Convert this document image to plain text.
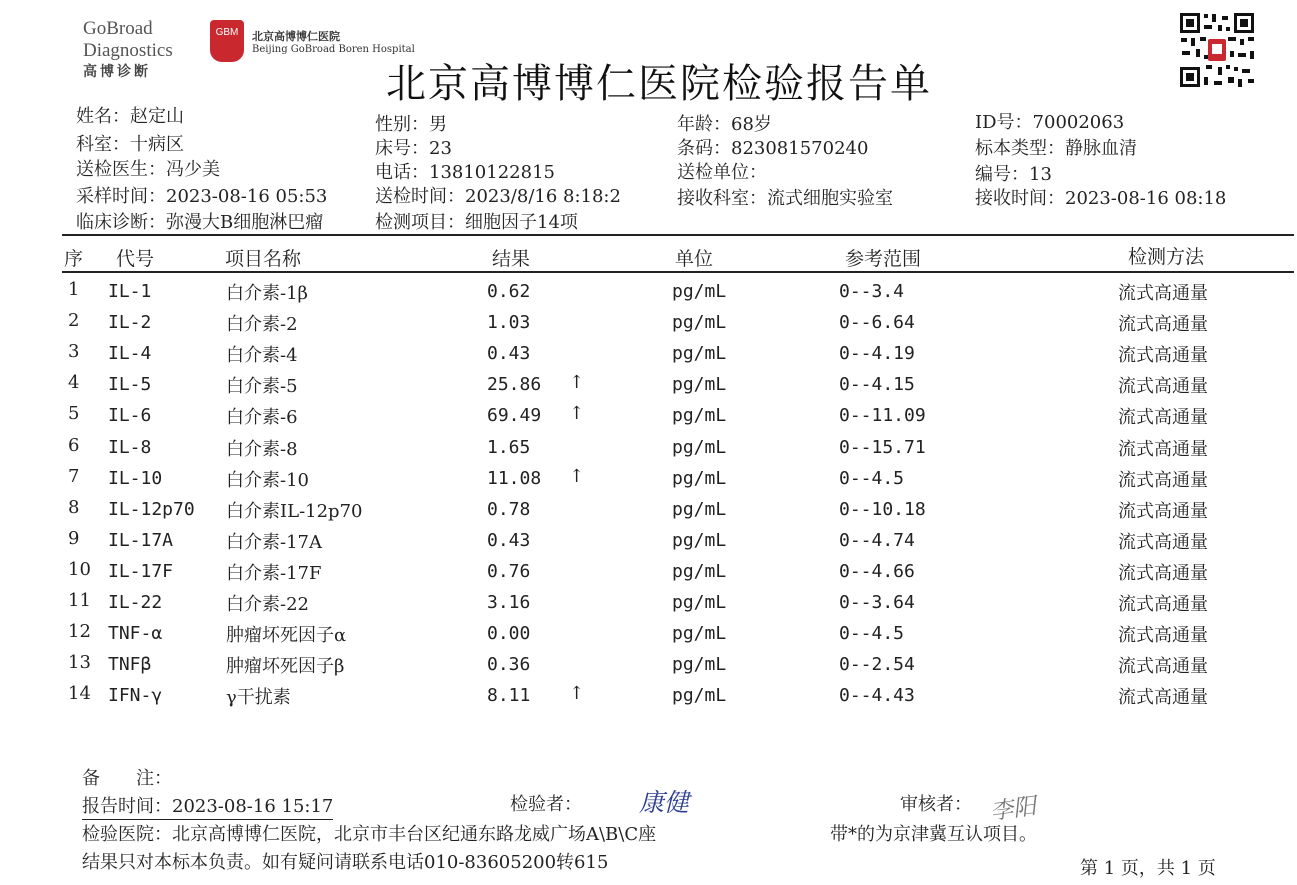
GoBroad
Diagnostics
高博诊断
GBM	北京高博博仁医院
Beijing GoBroad Boren Hospital
北京高博博仁医院检验报告单
姓名：赵定山
科室：十病区
送检医生：冯少美
采样时间：2023-08-16 05:53
临床诊断：弥漫大B细胞淋巴瘤
性别：男
床号：23
电话：13810122815
送检时间：2023/8/16 8:18:2
检测项目：细胞因子14项
年龄：68岁
条码：823081570240
送检单位：
接收科室：流式细胞实验室
ID号：70002063
标本类型：静脉血清
编号：13
接收时间：2023-08-16 08:18
序 代号	项目名称	结果	单位	参考范围	检测方法
1 IL-1	白介素-1β	0.62	pg/mL	0--3.4	流式高通量
2 IL-2	白介素-2	1.03	pg/mL	0--6.64	流式高通量
3 IL-4	白介素-4	0.43	pg/mL	0--4.19	流式高通量
4 IL-5	白介素-5	25.86 ↑	pg/mL	0--4.15	流式高通量
5 IL-6	白介素-6	69.49 ↑	pg/mL	0--11.09	流式高通量
6 IL-8	白介素-8	1.65	pg/mL	0--15.71	流式高通量
7 IL-10	白介素-10	11.08 ↑	pg/mL	0--4.5	流式高通量
8 IL-12p70 白介素IL-12p70	0.78	pg/mL	0--10.18	流式高通量
9 IL-17A	白介素-17A	0.43	pg/mL	0--4.74	流式高通量
10 IL-17F	白介素-17F	0.76	pg/mL	0--4.66	流式高通量
11 IL-22	白介素-22	3.16	pg/mL	0--3.64	流式高通量
12 TNF-α	肿瘤坏死因子α	0.00	pg/mL	0--4.5	流式高通量
13 TNFβ	肿瘤坏死因子β	0.36	pg/mL	0--2.54	流式高通量
14 IFN-γ	γ干扰素	8.11 ↑	pg/mL	0--4.43	流式高通量
备　　注：
报告时间：2023-08-16 15:17	检验者： 康健	审核者： 李阳
检验医院：北京高博博仁医院，北京市丰台区纪通东路龙威广场A\B\C座	带*的为京津冀互认项目。
结果只对本标本负责。如有疑问请联系电话010-83605200转615	第 1 页，共 1 页
